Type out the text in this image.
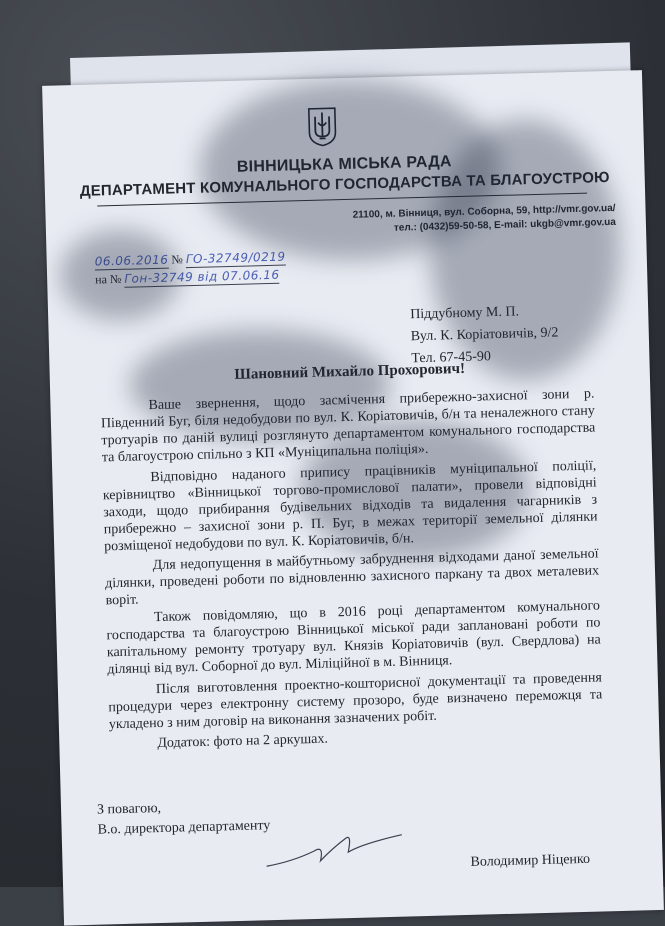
ВІННИЦЬКА МІСЬКА РАДА
ДЕПАРТАМЕНТ КОМУНАЛЬНОГО ГОСПОДАРСТВА ТА БЛАГОУСТРОЮ
21100, м. Вінниця, вул. Соборна, 59, http://vmr.gov.ua/
тел.: (0432)59-50-58, E-mail: ukgb@vmr.gov.ua
06.06.2016 № ГО-32749/0219
на № Гон-32749 від 07.06.16
Піддубному М. П.
Вул. К. Коріатовичів, 9/2
Тел. 67-45-90
Шановний Михайло Прохорович!

Ваше звернення, щодо засмічення прибережно-захисної зони р. Південний Буг, біля недобудови по вул. К. Коріатовичів, б/н та неналежного стану тротуарів по даній вулиці розглянуто департаментом комунального господарства та благоустрою спільно з КП «Муніципальна поліція».

Відповідно наданого припису працівників муніципальної поліції, керівництво «Вінницької торгово-промислової палати», провели відповідні заходи, щодо прибирання будівельних відходів та видалення чагарників з прибережно – захисної зони р. П. Буг, в межах території земельної ділянки розміщеної недобудови по вул. К. Коріатовичів, б/н.

Для недопущення в майбутньому забруднення відходами даної земельної ділянки, проведені роботи по відновленню захисного паркану та двох металевих воріт.	Також повідомляю, що в 2016 році департаментом комунального господарства та благоустрою Вінницької міської ради заплановані роботи по капітальному ремонту тротуару вул. Князів Коріатовичів (вул. Свердлова) на ділянці від вул. Соборної до вул. Міліційної в м. Вінниця.

Після виготовлення проектно-кошторисної документації та проведення процедури через електронну систему прозоро, буде визначено переможця та укладено з ним договір на виконання зазначених робіт.

Додаток: фото на 2 аркушах.

З повагою,
В.о. директора департаменту
Володимир Ніценко
